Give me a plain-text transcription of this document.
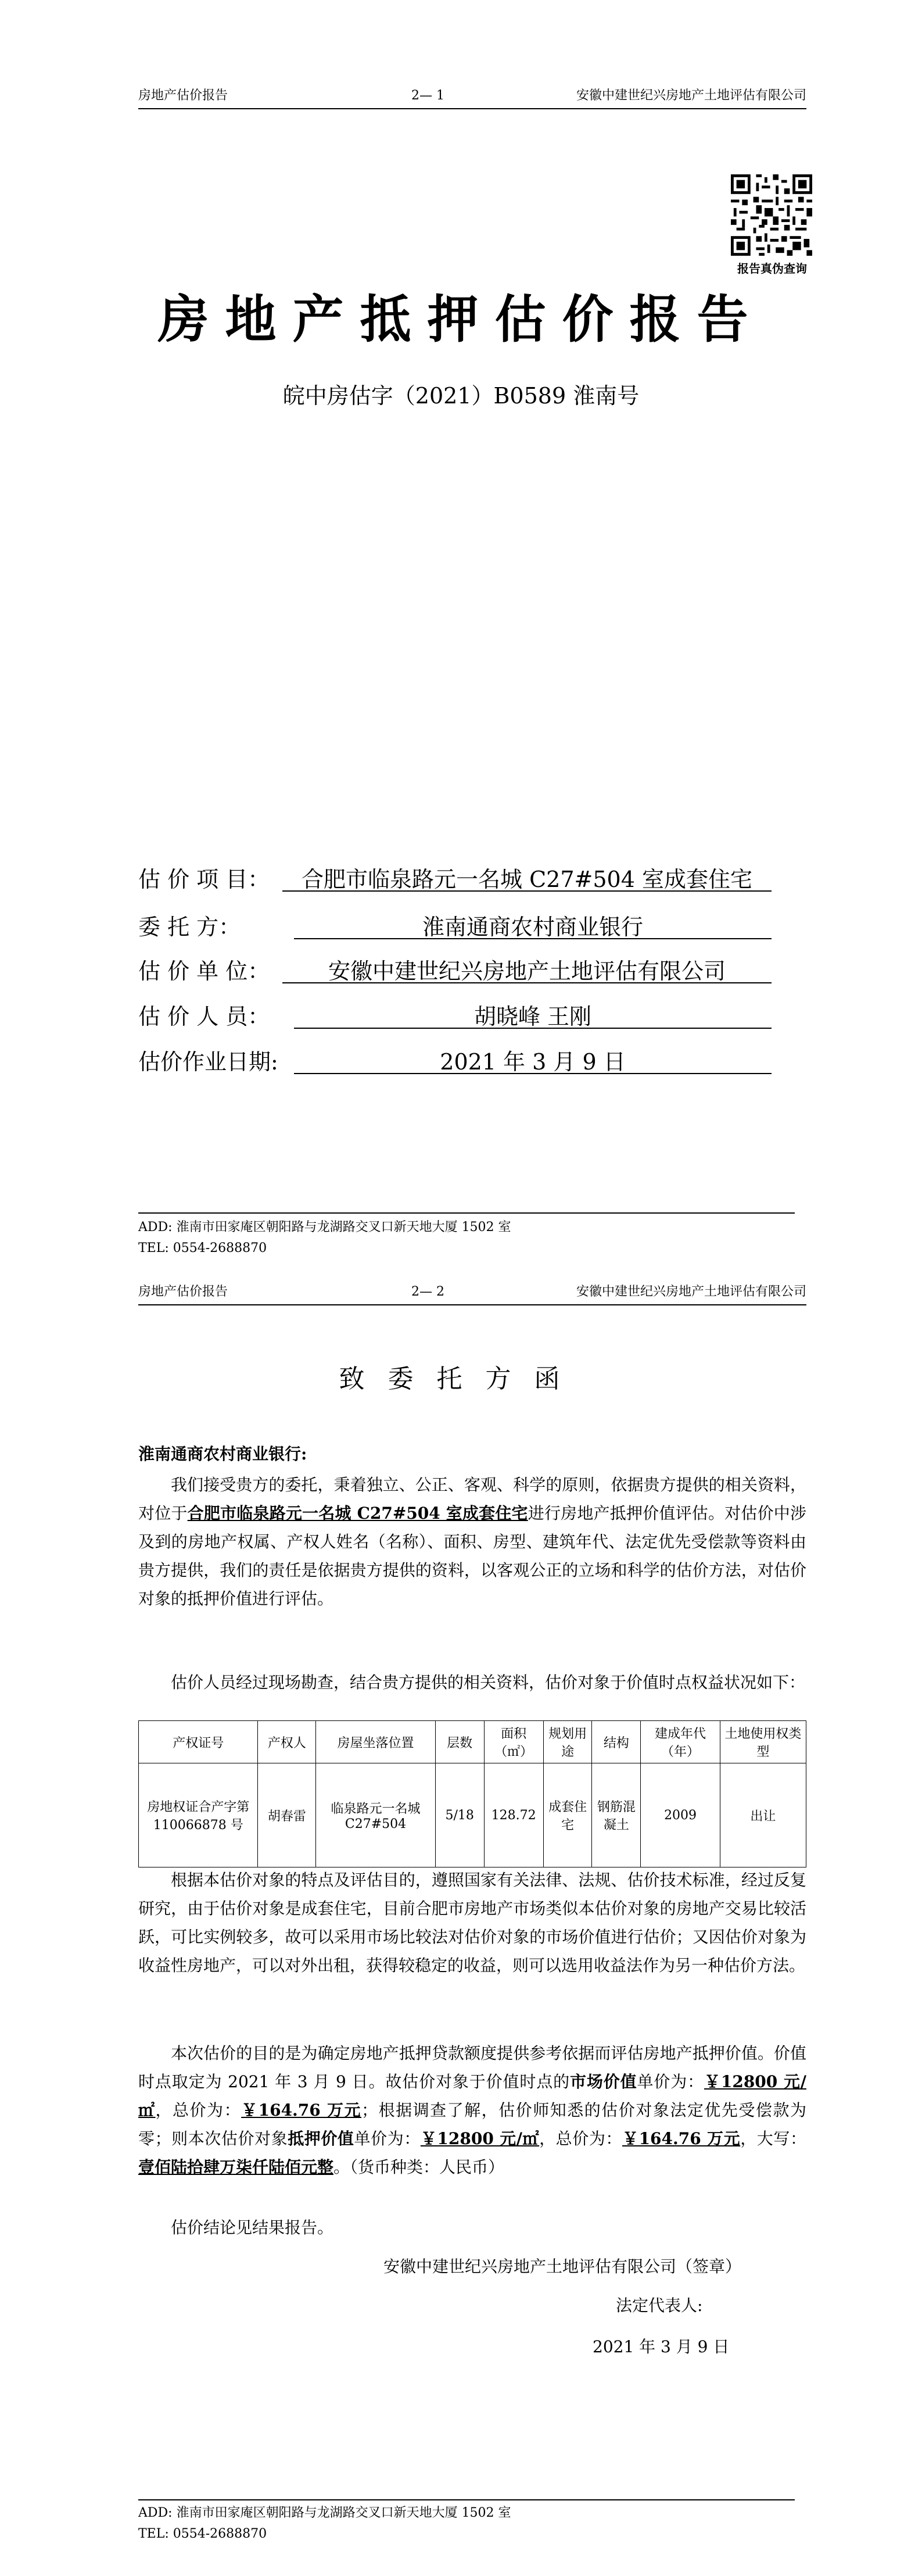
房地产估价报告	2— 1	安徽中建世纪兴房地产土地评估有限公司
报告真伪查询
房地产抵押估价报告
皖中房估字（2021）B0589 淮南号
估 价 项 目：	合肥市临泉路元一名城 C27#504 室成套住宅
委 托 方：	淮南通商农村商业银行
估 价 单 位：	安徽中建世纪兴房地产土地评估有限公司
估 价 人 员：	胡晓峰 王刚
估价作业日期:	2021 年 3 月 9 日
ADD: 淮南市田家庵区朝阳路与龙湖路交叉口新天地大厦 1502 室
TEL: 0554-2688870
房地产估价报告	2— 2	安徽中建世纪兴房地产土地评估有限公司
致委托方函
淮南通商农村商业银行:
我们接受贵方的委托，秉着独立、公正、客观、科学的原则，依据贵方提供的相关资料，对位于合肥市临泉路元一名城 C27#504 室成套住宅进行房地产抵押价值评估。对估价中涉及到的房地产权属、产权人姓名（名称）、面积、房型、建筑年代、法定优先受偿款等资料由贵方提供，我们的责任是依据贵方提供的资料，以客观公正的立场和科学的估价方法，对估价对象的抵押价值进行评估。
估价人员经过现场勘查，结合贵方提供的相关资料，估价对象于价值时点权益状况如下：
产权证号	产权人	房屋坐落位置	层数	面积（㎡）	规划用途	结构	建成年代（年）	土地使用权类型
房地权证合产字第 110066878 号	胡春雷	临泉路元一名城 C27#504	5/18	128.72	成套住宅	钢筋混凝土	2009	出让
根据本估价对象的特点及评估目的，遵照国家有关法律、法规、估价技术标准，经过反复研究，由于估价对象是成套住宅，目前合肥市房地产市场类似本估价对象的房地产交易比较活跃，可比实例较多，故可以采用市场比较法对估价对象的市场价值进行估价；又因估价对象为收益性房地产，可以对外出租，获得较稳定的收益，则可以选用收益法作为另一种估价方法。
本次估价的目的是为确定房地产抵押贷款额度提供参考依据而评估房地产抵押价值。价值时点取定为 2021 年 3 月 9 日。故估价对象于价值时点的市场价值单价为：￥12800 元/㎡，总价为：￥164.76 万元；根据调查了解，估价师知悉的估价对象法定优先受偿款为零；则本次估价对象抵押价值单价为：￥12800 元/㎡，总价为：￥164.76 万元，大写：壹佰陆拾肆万柒仟陆佰元整。（货币种类：人民币）
估价结论见结果报告。
安徽中建世纪兴房地产土地评估有限公司（签章）
法定代表人:
2021 年 3 月 9 日
ADD: 淮南市田家庵区朝阳路与龙湖路交叉口新天地大厦 1502 室
TEL: 0554-2688870
